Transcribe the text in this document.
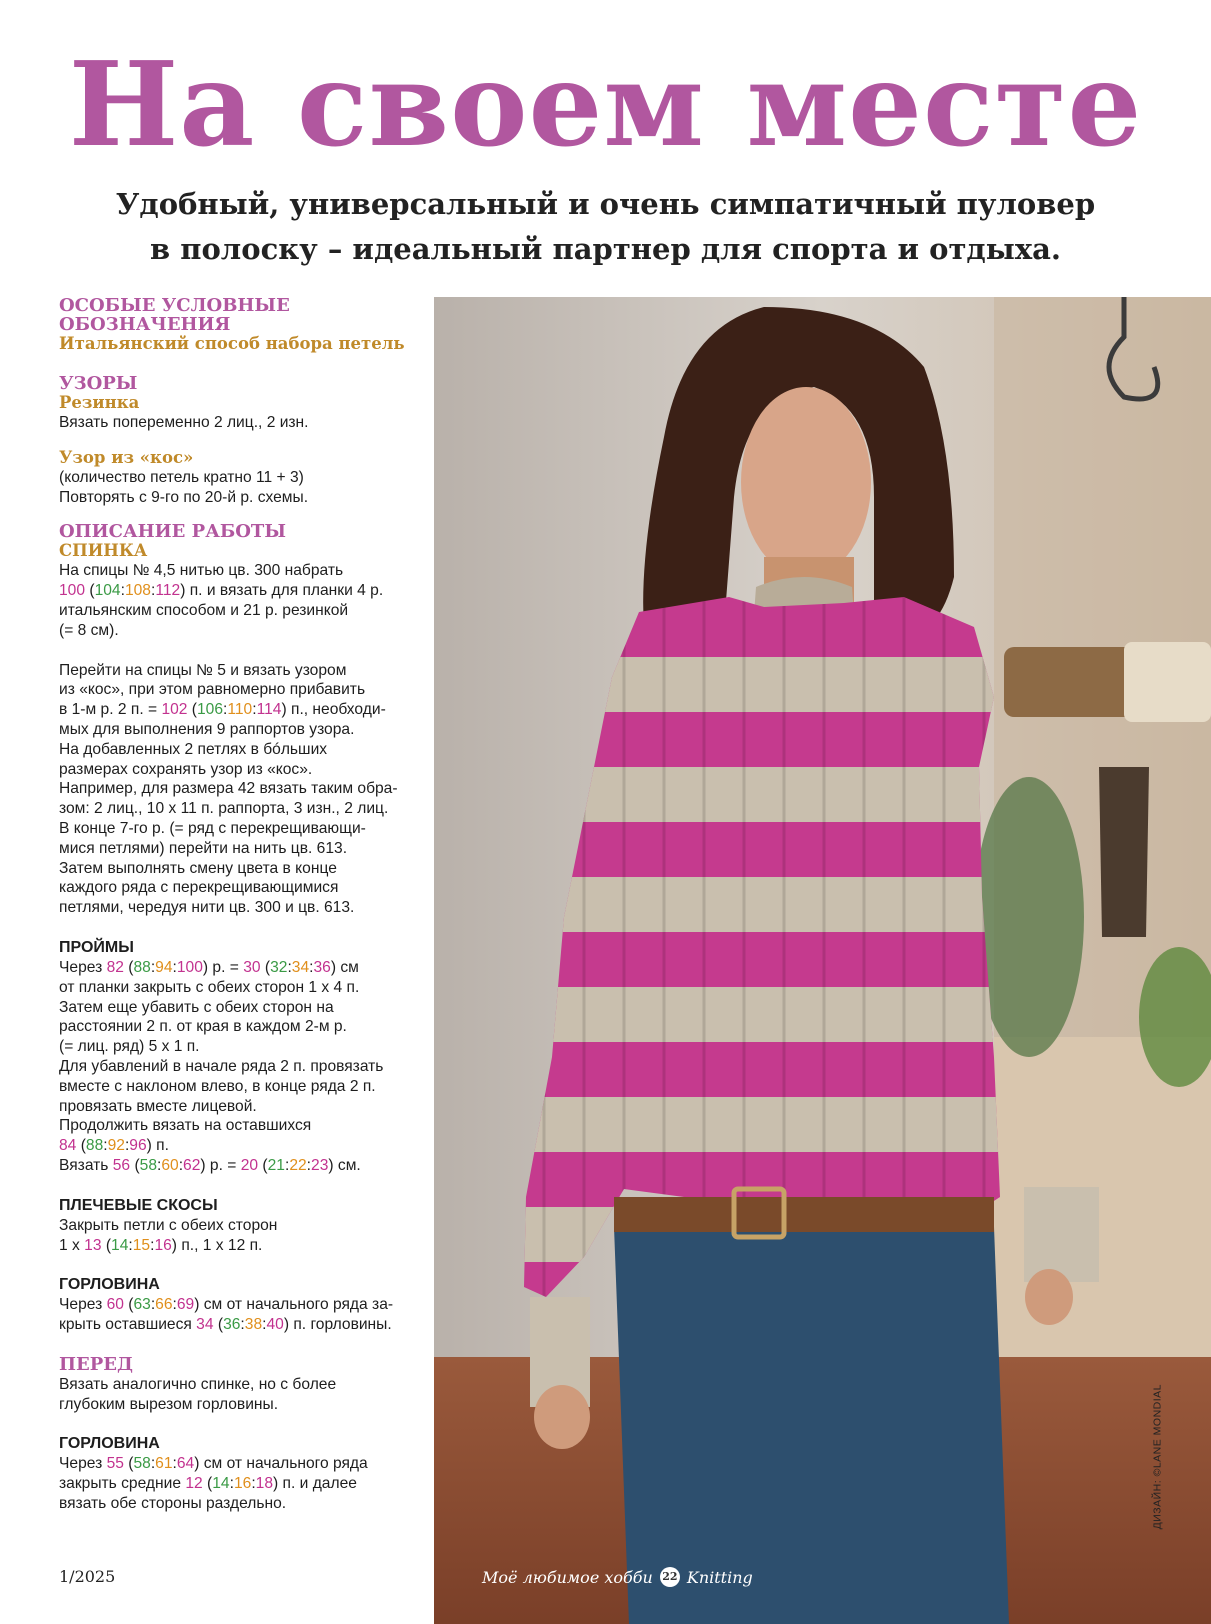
На своем месте
Удобный, универсальный и очень симпатичный пуловер
в полоску – идеальный партнер для спорта и отдыха.
ОСОБЫЕ УСЛОВНЫЕ
ОБОЗНАЧЕНИЯ
Итальянский способ набора петель
УЗОРЫ
Резинка
Вязать попеременно 2 лиц., 2 изн.
Узор из «кос»
(количество петель кратно 11 + 3)
Повторять с 9-го по 20-й р. схемы.
ОПИСАНИЕ РАБОТЫ
СПИНКА
На спицы № 4,5 нитью цв. 300 набрать
100 (104:108:112) п. и вязать для планки 4 р.
итальянским способом и 21 р. резинкой
(= 8 см).
Перейти на спицы № 5 и вязать узором
из «кос», при этом равномерно прибавить
в 1-м р. 2 п. = 102 (106:110:114) п., необходи-
мых для выполнения 9 раппортов узора.
На добавленных 2 петлях в бóльших
размерах сохранять узор из «кос».
Например, для размера 42 вязать таким обра-
зом: 2 лиц., 10 х 11 п. раппорта, 3 изн., 2 лиц.
В конце 7-го р. (= ряд с перекрещивающи-
мися петлями) перейти на нить цв. 613.
Затем выполнять смену цвета в конце
каждого ряда с перекрещивающимися
петлями, чередуя нити цв. 300 и цв. 613.
ПРОЙМЫ
Через 82 (88:94:100) р. = 30 (32:34:36) см
от планки закрыть с обеих сторон 1 х 4 п.
Затем еще убавить с обеих сторон на
расстоянии 2 п. от края в каждом 2-м р.
(= лиц. ряд) 5 х 1 п.
Для убавлений в начале ряда 2 п. провязать
вместе с наклоном влево, в конце ряда 2 п.
провязать вместе лицевой.
Продолжить вязать на оставшихся
84 (88:92:96) п.
Вязать 56 (58:60:62) р. = 20 (21:22:23) см.
ПЛЕЧЕВЫЕ СКОСЫ
Закрыть петли с обеих сторон
1 х 13 (14:15:16) п., 1 х 12 п.
ГОРЛОВИНА
Через 60 (63:66:69) см от начального ряда за-
крыть оставшиеся 34 (36:38:40) п. горловины.
ПЕРЕД
Вязать аналогично спинке, но с более
глубоким вырезом горловины.
ГОРЛОВИНА
Через 55 (58:61:64) см от начального ряда
закрыть средние 12 (14:16:18) п. и далее
вязать обе стороны раздельно.	ДИЗАЙН: ©LANE MONDIAL
1/2025	Моё любимое хобби 22 Knitting
